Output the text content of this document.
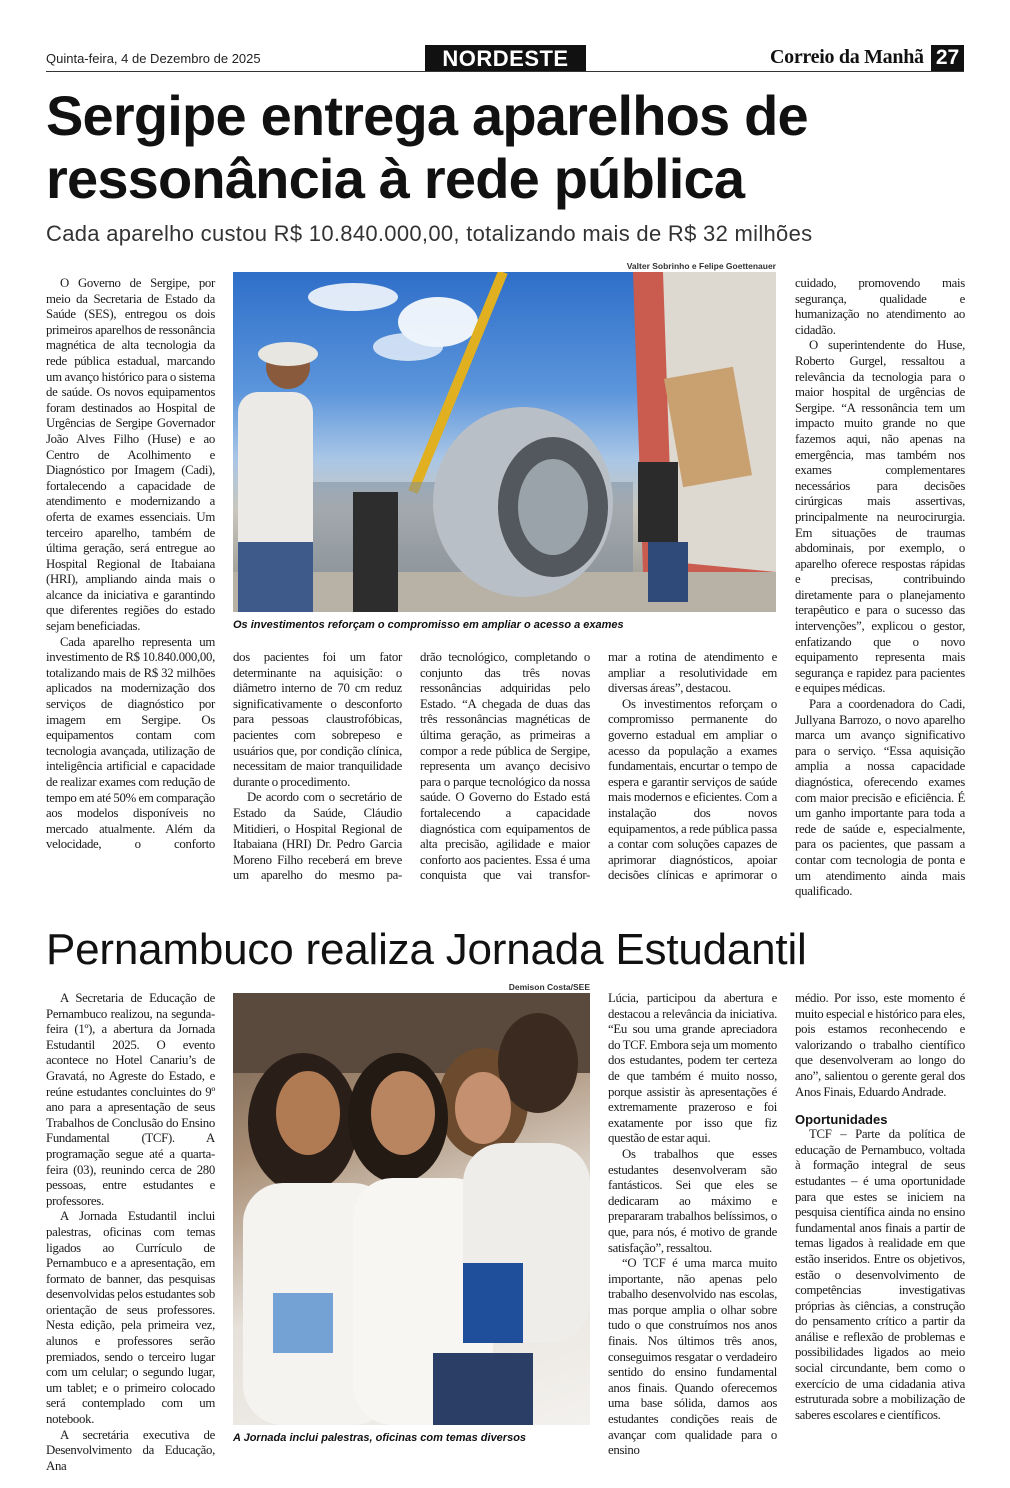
Quinta-feira, 4 de Dezembro de 2025	NORDESTE	Correio da Manhã 27
Sergipe entrega aparelhos de ressonância à rede pública
Cada aparelho custou R$ 10.840.000,00, totalizando mais de R$ 32 milhões

O Governo de Sergipe, por meio da Secretaria de Estado da Saúde (SES), entregou os dois primeiros aparelhos de ressonância magnética de alta tecnologia da rede pública estadual, marcando um avanço histórico para o sistema de saúde. Os novos equipamentos foram destinados ao Hospital de Urgências de Sergipe Governador João Alves Filho (Huse) e ao Centro de Acolhimento e Diagnóstico por Imagem (Cadi), fortalecendo a capacidade de atendimento e modernizando a oferta de exames essenciais. Um terceiro aparelho, também de última geração, será entregue ao Hospital Regional de Itabaiana (HRI), ampliando ainda mais o alcance da iniciativa e garantindo que diferentes regiões do estado sejam beneficiadas.

Cada aparelho representa um investimento de R$ 10.840.000,00, totalizando mais de R$ 32 milhões aplicados na modernização dos serviços de diagnóstico por imagem em Sergipe. Os equipamentos contam com tecnologia avançada, utilização de inteligência artificial e capacidade de realizar exames com redução de tempo em até 50% em comparação aos modelos disponíveis no mercado atualmente. Além da velocidade, o conforto

Valter Sobrinho e Felipe Goettenauer
Os investimentos reforçam o compromisso em ampliar o acesso a exames

dos pacientes foi um fator determinante na aquisição: o diâmetro interno de 70 cm reduz significativamente o desconforto para pessoas claustrofóbicas, pacientes com sobrepeso e usuários que, por condição clínica, necessitam de maior tranquilidade durante o procedimento.

De acordo com o secretário de Estado da Saúde, Cláudio Mitidieri, o Hospital Regional de Itabaiana (HRI) Dr. Pedro Garcia Moreno Filho receberá em breve um aparelho do mesmo pa-

drão tecnológico, completando o conjunto das três novas ressonâncias adquiridas pelo Estado. “A chegada de duas das três ressonâncias magnéticas de última geração, as primeiras a compor a rede pública de Sergipe, representa um avanço decisivo para o parque tecnológico da nossa saúde. O Governo do Estado está fortalecendo a capacidade diagnóstica com equipamentos de alta precisão, agilidade e maior conforto aos pacientes. Essa é uma conquista que vai transfor-

mar a rotina de atendimento e ampliar a resolutividade em diversas áreas”, destacou.

Os investimentos reforçam o compromisso permanente do governo estadual em ampliar o acesso da população a exames fundamentais, encurtar o tempo de espera e garantir serviços de saúde mais modernos e eficientes. Com a instalação dos novos equipamentos, a rede pública passa a contar com soluções capazes de aprimorar diagnósticos, apoiar decisões clínicas e aprimorar o

cuidado, promovendo mais segurança, qualidade e humanização no atendimento ao cidadão.

O superintendente do Huse, Roberto Gurgel, ressaltou a relevância da tecnologia para o maior hospital de urgências de Sergipe. “A ressonância tem um impacto muito grande no que fazemos aqui, não apenas na emergência, mas também nos exames complementares necessários para decisões cirúrgicas mais assertivas, principalmente na neurocirurgia. Em situações de traumas abdominais, por exemplo, o aparelho oferece respostas rápidas e precisas, contribuindo diretamente para o planejamento terapêutico e para o sucesso das intervenções”, explicou o gestor, enfatizando que o novo equipamento representa mais segurança e rapidez para pacientes e equipes médicas.

Para a coordenadora do Cadi, Jullyana Barrozo, o novo aparelho marca um avanço significativo para o serviço. “Essa aquisição amplia a nossa capacidade diagnóstica, oferecendo exames com maior precisão e eficiência. É um ganho importante para toda a rede de saúde e, especialmente, para os pacientes, que passam a contar com tecnologia de ponta e um atendimento ainda mais qualificado.

Pernambuco realiza Jornada Estudantil

A Secretaria de Educação de Pernambuco realizou, na segunda-feira (1º), a abertura da Jornada Estudantil 2025. O evento acontece no Hotel Canariu’s de Gravatá, no Agreste do Estado, e reúne estudantes concluintes do 9º ano para a apresentação de seus Trabalhos de Conclusão do Ensino Fundamental (TCF). A programação segue até a quarta-feira (03), reunindo cerca de 280 pessoas, entre estudantes e professores.

A Jornada Estudantil inclui palestras, oficinas com temas ligados ao Currículo de Pernambuco e a apresentação, em formato de banner, das pesquisas desenvolvidas pelos estudantes sob orientação de seus professores. Nesta edição, pela primeira vez, alunos e professores serão premiados, sendo o terceiro lugar com um celular; o segundo lugar, um tablet; e o primeiro colocado será contemplado com um notebook.

A secretária executiva de Desenvolvimento da Educação, Ana

Demison Costa/SEE
A Jornada inclui palestras, oficinas com temas diversos

Lúcia, participou da abertura e destacou a relevância da iniciativa. “Eu sou uma grande apreciadora do TCF. Embora seja um momento dos estudantes, podem ter certeza de que também é muito nosso, porque assistir às apresentações é extremamente prazeroso e foi exatamente por isso que fiz questão de estar aqui.

Os trabalhos que esses estudantes desenvolveram são fantásticos. Sei que eles se dedicaram ao máximo e prepararam trabalhos belíssimos, o que, para nós, é motivo de grande satisfação”, ressaltou.

“O TCF é uma marca muito importante, não apenas pelo trabalho desenvolvido nas escolas, mas porque amplia o olhar sobre tudo o que construímos nos anos finais. Nos últimos três anos, conseguimos resgatar o verdadeiro sentido do ensino fundamental anos finais. Quando oferecemos uma base sólida, damos aos estudantes condições reais de avançar com qualidade para o ensino

médio. Por isso, este momento é muito especial e histórico para eles, pois estamos reconhecendo e valorizando o trabalho científico que desenvolveram ao longo do ano”, salientou o gerente geral dos Anos Finais, Eduardo Andrade.

Oportunidades

TCF – Parte da política de educação de Pernambuco, voltada à formação integral de seus estudantes – é uma oportunidade para que estes se iniciem na pesquisa científica ainda no ensino fundamental anos finais a partir de temas ligados à realidade em que estão inseridos. Entre os objetivos, estão o desenvolvimento de competências investigativas próprias às ciências, a construção do pensamento crítico a partir da análise e reflexão de problemas e possibilidades ligados ao meio social circundante, bem como o exercício de uma cidadania ativa estruturada sobre a mobilização de saberes escolares e científicos.
